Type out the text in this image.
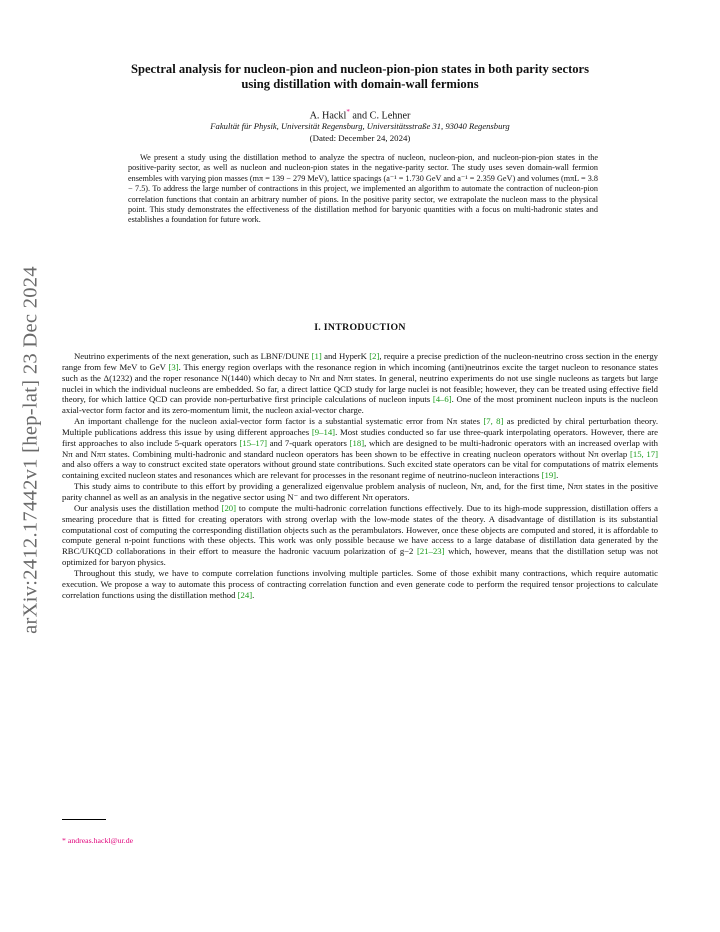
arXiv:2412.17442v1 [hep-lat] 23 Dec 2024
Spectral analysis for nucleon-pion and nucleon-pion-pion states in both parity sectors
using distillation with domain-wall fermions
A. Hackl* and C. Lehner
Fakultät für Physik, Universität Regensburg, Universitätsstraße 31, 93040 Regensburg
(Dated: December 24, 2024)
We present a study using the distillation method to analyze the spectra of nucleon, nucleon-pion, and nucleon-pion-pion states in the positive-parity sector, as well as nucleon and nucleon-pion states in the negative-parity sector. The study uses seven domain-wall fermion ensembles with varying pion masses (mπ = 139 − 279 MeV), lattice spacings (a⁻¹ = 1.730 GeV and a⁻¹ = 2.359 GeV) and volumes (mπL = 3.8 − 7.5). To address the large number of contractions in this project, we implemented an algorithm to automate the contraction of nucleon-pion correlation functions that contain an arbitrary number of pions. In the positive parity sector, we extrapolate the nucleon mass to the physical point. This study demonstrates the effectiveness of the distillation method for baryonic quantities with a focus on multi-hadronic states and establishes a foundation for future work.
I. INTRODUCTION

Neutrino experiments of the next generation, such as LBNF/DUNE [1] and HyperK [2], require a precise prediction of the nucleon-neutrino cross section in the energy range from few MeV to GeV [3]. This energy region overlaps with the resonance region in which incoming (anti)neutrinos excite the target nucleon to resonance states such as the Δ(1232) and the roper resonance N(1440) which decay to Nπ and Nππ states. In general, neutrino experiments do not use single nucleons as targets but large nuclei in which the individual nucleons are embedded. So far, a direct lattice QCD study for large nuclei is not feasible; however, they can be treated using effective field theory, for which lattice QCD can provide non-perturbative first principle calculations of nucleon inputs [4–6]. One of the most prominent nucleon inputs is the nucleon axial-vector form factor and its zero-momentum limit, the nucleon axial-vector charge.

An important challenge for the nucleon axial-vector form factor is a substantial systematic error from Nπ states [7, 8] as predicted by chiral perturbation theory. Multiple publications address this issue by using different approaches [9–14]. Most studies conducted so far use three-quark interpolating operators. However, there are first approaches to also include 5-quark operators [15–17] and 7-quark operators [18], which are designed to be multi-hadronic operators with an increased overlap with Nπ and Nππ states. Combining multi-hadronic and standard nucleon operators has been shown to be effective in creating nucleon operators without Nπ overlap [15, 17] and also offers a way to construct excited state operators without ground state contributions. Such excited state operators can be vital for computations of matrix elements containing excited nucleon states and resonances which are relevant for processes in the resonant regime of neutrino-nucleon interactions [19].

This study aims to contribute to this effort by providing a generalized eigenvalue problem analysis of nucleon, Nπ, and, for the first time, Nππ states in the positive parity channel as well as an analysis in the negative sector using N⁻ and two different Nπ operators.

Our analysis uses the distillation method [20] to compute the multi-hadronic correlation functions effectively. Due to its high-mode suppression, distillation offers a smearing procedure that is fitted for creating operators with strong overlap with the low-mode states of the theory. A disadvantage of distillation is its substantial computational cost of computing the corresponding distillation objects such as the perambulators. However, once these objects are computed and stored, it is affordable to compute general n-point functions with these objects. This work was only possible because we have access to a large database of distillation data generated by the RBC/UKQCD collaborations in their effort to measure the hadronic vacuum polarization of g−2 [21–23] which, however, means that the distillation setup was not optimized for baryon physics.

Throughout this study, we have to compute correlation functions involving multiple particles. Some of those exhibit many contractions, which require automatic execution. We propose a way to automate this process of contracting correlation function and even generate code to perform the required tensor projections to calculate correlation functions using the distillation method [24].

* andreas.hackl@ur.de
